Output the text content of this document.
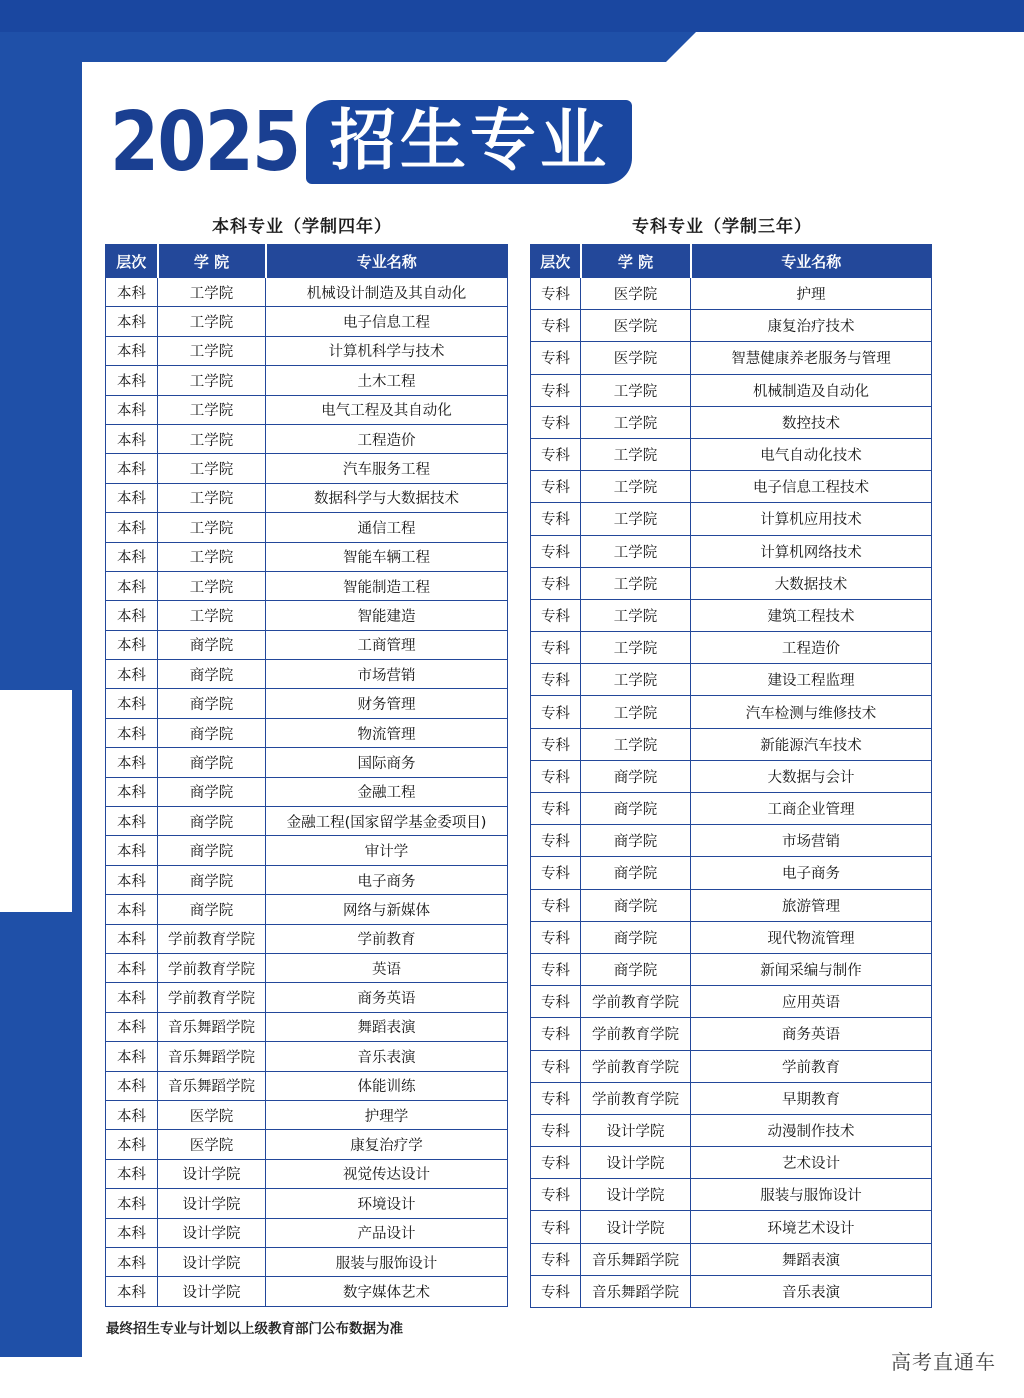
2025 招生专业
本科专业（学制四年）	专科专业（学制三年）
层次	学 院	专业名称
本科	工学院	机械设计制造及其自动化
本科	工学院	电子信息工程
本科	工学院	计算机科学与技术
本科	工学院	土木工程
本科	工学院	电气工程及其自动化
本科	工学院	工程造价
本科	工学院	汽车服务工程
本科	工学院	数据科学与大数据技术
本科	工学院	通信工程
本科	工学院	智能车辆工程
本科	工学院	智能制造工程
本科	工学院	智能建造
本科	商学院	工商管理
本科	商学院	市场营销
本科	商学院	财务管理
本科	商学院	物流管理
本科	商学院	国际商务
本科	商学院	金融工程
本科	商学院	金融工程(国家留学基金委项目)
本科	商学院	审计学
本科	商学院	电子商务
本科	商学院	网络与新媒体
本科	学前教育学院	学前教育
本科	学前教育学院	英语
本科	学前教育学院	商务英语
本科	音乐舞蹈学院	舞蹈表演
本科	音乐舞蹈学院	音乐表演
本科	音乐舞蹈学院	体能训练
本科	医学院	护理学
本科	医学院	康复治疗学
本科	设计学院	视觉传达设计
本科	设计学院	环境设计
本科	设计学院	产品设计
本科	设计学院	服装与服饰设计
本科	设计学院	数字媒体艺术
层次	学 院	专业名称
专科	医学院	护理
专科	医学院	康复治疗技术
专科	医学院	智慧健康养老服务与管理
专科	工学院	机械制造及自动化
专科	工学院	数控技术
专科	工学院	电气自动化技术
专科	工学院	电子信息工程技术
专科	工学院	计算机应用技术
专科	工学院	计算机网络技术
专科	工学院	大数据技术
专科	工学院	建筑工程技术
专科	工学院	工程造价
专科	工学院	建设工程监理
专科	工学院	汽车检测与维修技术
专科	工学院	新能源汽车技术
专科	商学院	大数据与会计
专科	商学院	工商企业管理
专科	商学院	市场营销
专科	商学院	电子商务
专科	商学院	旅游管理
专科	商学院	现代物流管理
专科	商学院	新闻采编与制作
专科	学前教育学院	应用英语
专科	学前教育学院	商务英语
专科	学前教育学院	学前教育
专科	学前教育学院	早期教育
专科	设计学院	动漫制作技术
专科	设计学院	艺术设计
专科	设计学院	服装与服饰设计
专科	设计学院	环境艺术设计
专科	音乐舞蹈学院	舞蹈表演
专科	音乐舞蹈学院	音乐表演
最终招生专业与计划以上级教育部门公布数据为准
高考直通车
